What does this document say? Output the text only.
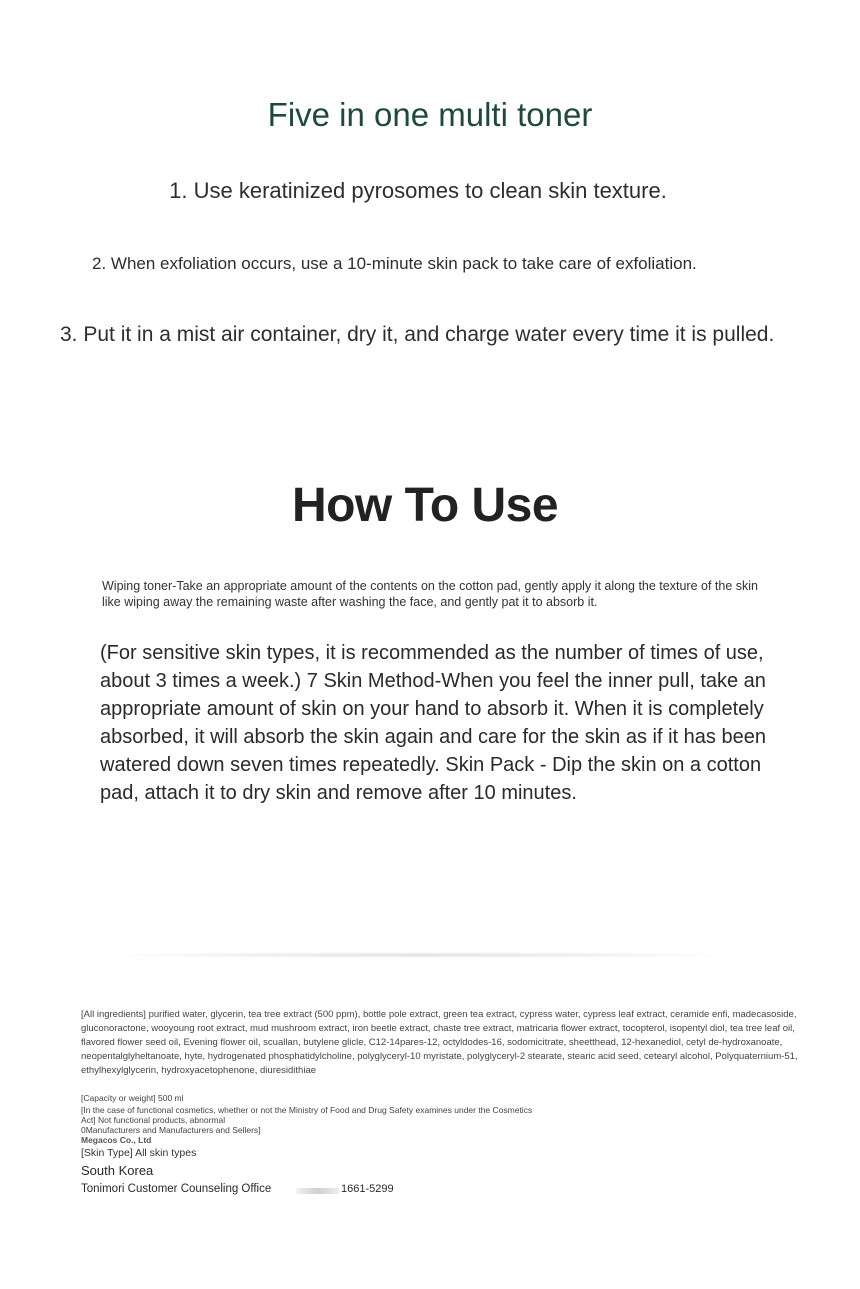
Five in one multi toner

1. Use keratinized pyrosomes to clean skin texture.

2. When exfoliation occurs, use a 10-minute skin pack to take care of exfoliation.

3. Put it in a mist air container, dry it, and charge water every time it is pulled.

How To Use

Wiping toner-Take an appropriate amount of the contents on the cotton pad, gently apply it along the texture of the skin like wiping away the remaining waste after washing the face, and gently pat it to absorb it.

(For sensitive skin types, it is recommended as the number of times of use, about 3 times a week.) 7 Skin Method-When you feel the inner pull, take an appropriate amount of skin on your hand to absorb it. When it is completely absorbed, it will absorb the skin again and care for the skin as if it has been watered down seven times repeatedly. Skin Pack - Dip the skin on a cotton pad, attach it to dry skin and remove after 10 minutes.

[All ingredients] purified water, glycerin, tea tree extract (500 ppm), bottle pole extract, green tea extract, cypress water, cypress leaf extract, ceramide enfi, madecasoside, gluconoractone, wooyoung root extract, mud mushroom extract, iron beetle extract, chaste tree extract, matricaria flower extract, tocopterol, isopentyl diol, tea tree leaf oil, flavored flower seed oil, Evening flower oil, scuallan, butylene glicle, C12-14pares-12, octyldodes-16, sodomicitrate, sheetthead, 12-hexanediol, cetyl de-hydroxanoate, neopentalglyheltanoate, hyte, hydrogenated phosphatidylcholine, polyglyceryl-10 myristate, polyglyceryl-2 stearate, stearic acid seed, cetearyl alcohol, Polyquaternium-51, ethylhexylglycerin, hydroxyacetophenone, diuresidithiae

[Capacity or weight] 500 ml

[In the case of functional cosmetics, whether or not the Ministry of Food and Drug Safety examines under the Cosmetics Act] Not functional products, abnormal
0Manufacturers and Manufacturers and Sellers]

Megacos Co., Ltd

[Skin Type] All skin types

South Korea

Tonimori Customer Counseling Office	1661-5299
